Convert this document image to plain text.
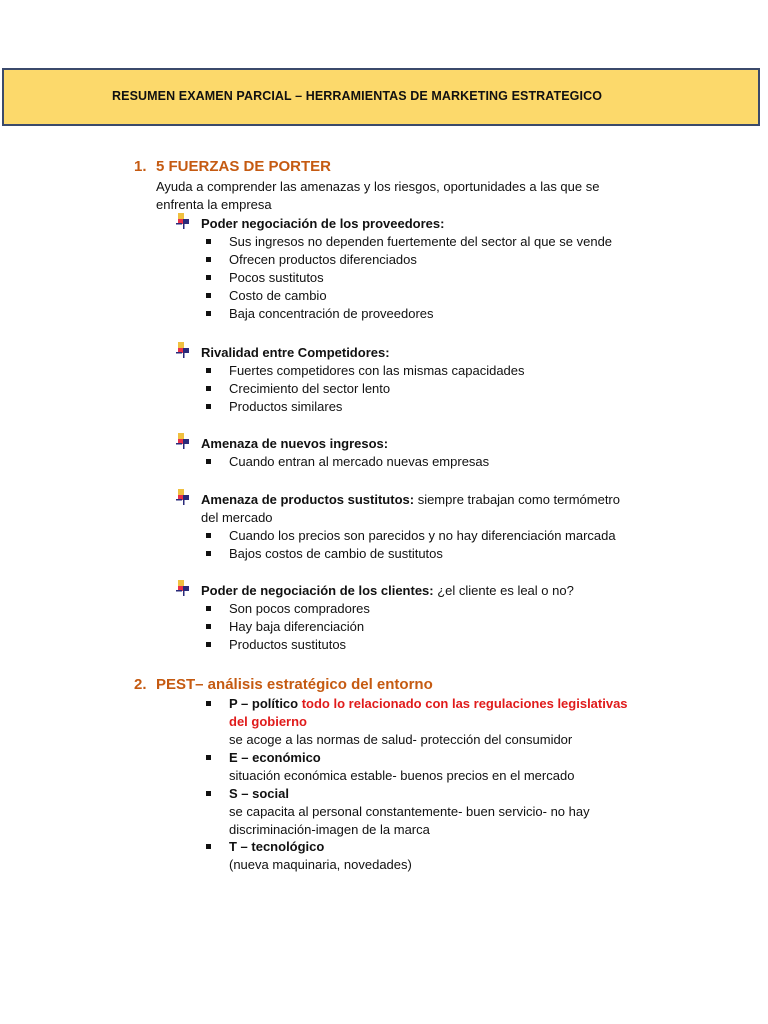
RESUMEN EXAMEN PARCIAL – HERRAMIENTAS DE MARKETING ESTRATEGICO
1. 5 FUERZAS DE PORTER
Ayuda a comprender las amenazas y los riesgos, oportunidades a las que se
enfrenta la empresa
Poder negociación de los proveedores:
Sus ingresos no dependen fuertemente del sector al que se vende
Ofrecen productos diferenciados
Pocos sustitutos
Costo de cambio
Baja concentración de proveedores
Rivalidad entre Competidores:
Fuertes competidores con las mismas capacidades
Crecimiento del sector lento
Productos similares
Amenaza de nuevos ingresos:
Cuando entran al mercado nuevas empresas
Amenaza de productos sustitutos: siempre trabajan como termómetro
del mercado
Cuando los precios son parecidos y no hay diferenciación marcada
Bajos costos de cambio de sustitutos
Poder de negociación de los clientes: ¿el cliente es leal o no?
Son pocos compradores
Hay baja diferenciación
Productos sustitutos
2. PEST– análisis estratégico del entorno
P – político todo lo relacionado con las regulaciones legislativas
del gobierno
se acoge a las normas de salud- protección del consumidor
E – económico
situación económica estable- buenos precios en el mercado
S – social
se capacita al personal constantemente- buen servicio- no hay
discriminación-imagen de la marca
T – tecnológico
(nueva maquinaria, novedades)
